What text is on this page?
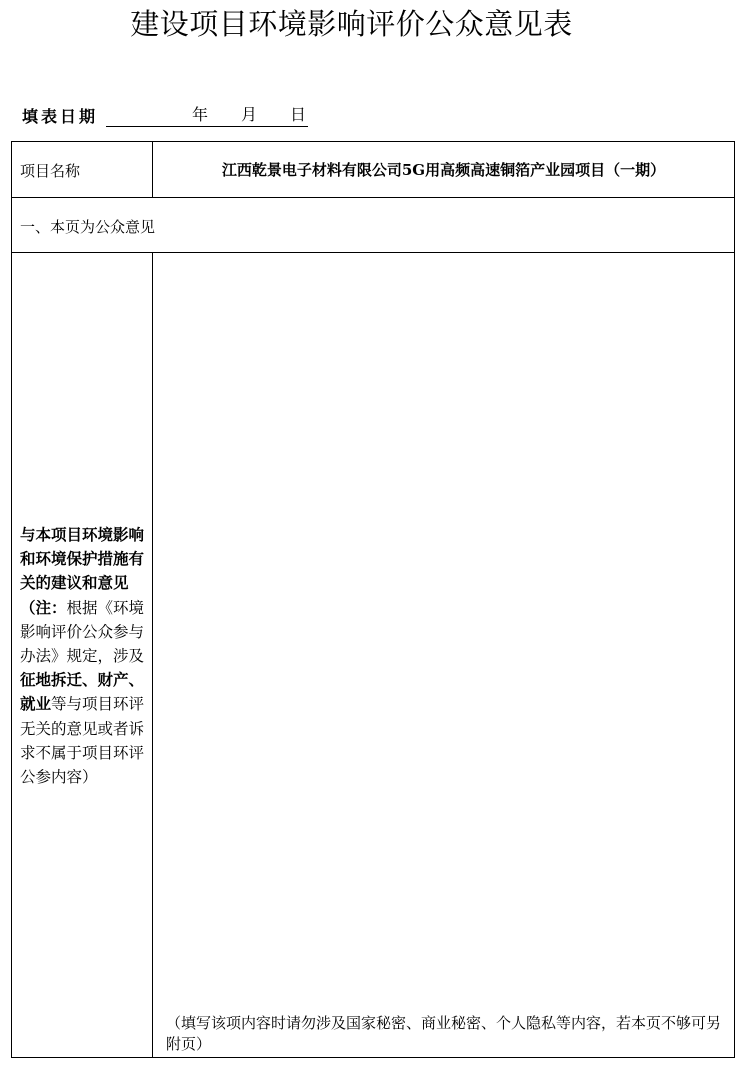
建设项目环境影响评价公众意见表
填表日期	年 月 日
项目名称	江西乾景电子材料有限公司5G用高频高速铜箔产业园项目（一期）
一、本页为公众意见
与本项目环境影响和环境保护措施有关的建议和意见（注：根据《环境影响评价公众参与办法》规定，涉及征地拆迁、财产、就业等与项目环评无关的意见或者诉求不属于项目环评公参内容）
（填写该项内容时请勿涉及国家秘密、商业秘密、个人隐私等内容，若本页不够可另附页）
